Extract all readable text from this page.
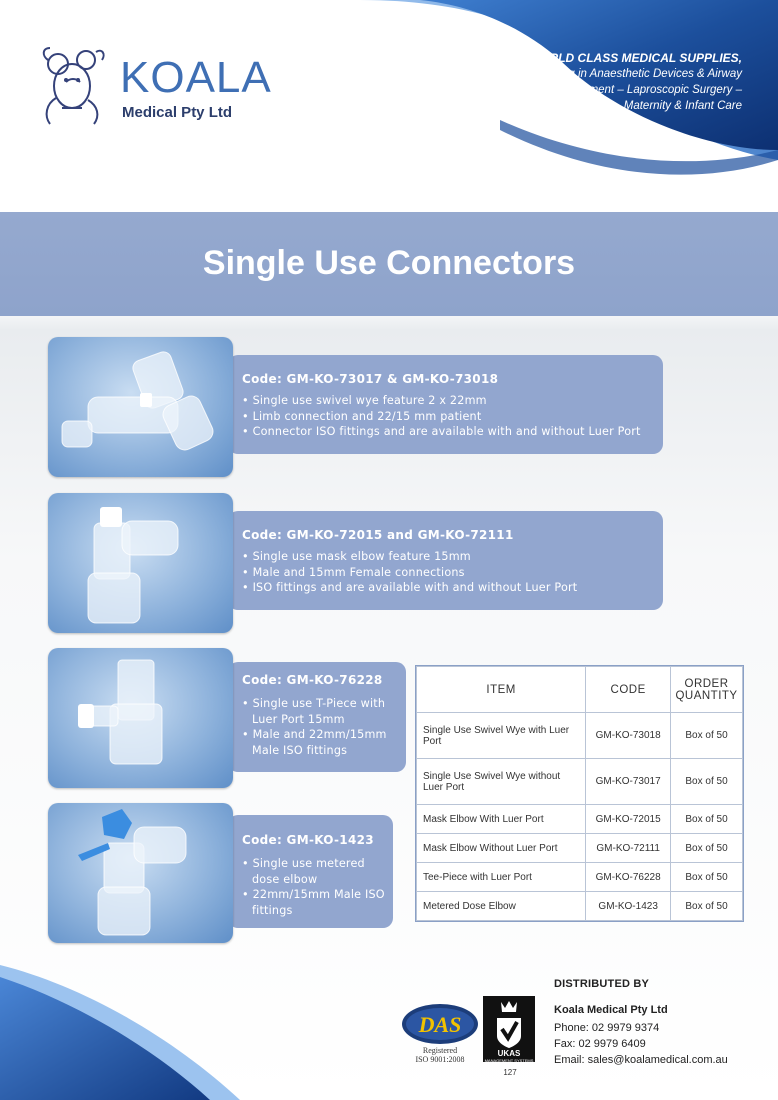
KOALA
Medical Pty Ltd
WORLD CLASS MEDICAL SUPPLIES,
Specialising in Anaesthetic Devices & Airway Management – Laproscopic Surgery – Maternity & Infant Care
Single Use Connectors
Code: GM-KO-73017 & GM-KO-73018
• Single use swivel wye feature 2 x 22mm
• Limb connection and 22/15 mm patient
• Connector ISO fittings and are available with and without Luer Port
Code: GM-KO-72015 and GM-KO-72111
• Single use mask elbow feature 15mm
• Male and 15mm Female connections
• ISO fittings and are available with and without Luer Port
Code: GM-KO-76228
• Single use T-Piece with Luer Port 15mm
• Male and 22mm/15mm Male ISO fittings
Code: GM-KO-1423
• Single use metered dose elbow
• 22mm/15mm Male ISO fittings
ITEM	CODE	ORDER QUANTITY
Single Use Swivel Wye with Luer Port	GM-KO-73018	Box of 50
Single Use Swivel Wye without Luer Port	GM-KO-73017	Box of 50
Mask Elbow With Luer Port	GM-KO-72015	Box of 50
Mask Elbow Without Luer Port	GM-KO-72111	Box of 50
Tee-Piece with Luer Port	GM-KO-76228	Box of 50
Metered Dose Elbow	GM-KO-1423	Box of 50
DAS
Registered
ISO 9001:2008
UKAS
MANAGEMENT SYSTEMS
127
DISTRIBUTED BY
Koala Medical Pty Ltd
Phone: 02 9979 9374
Fax: 02 9979 6409
Email: sales@koalamedical.com.au
